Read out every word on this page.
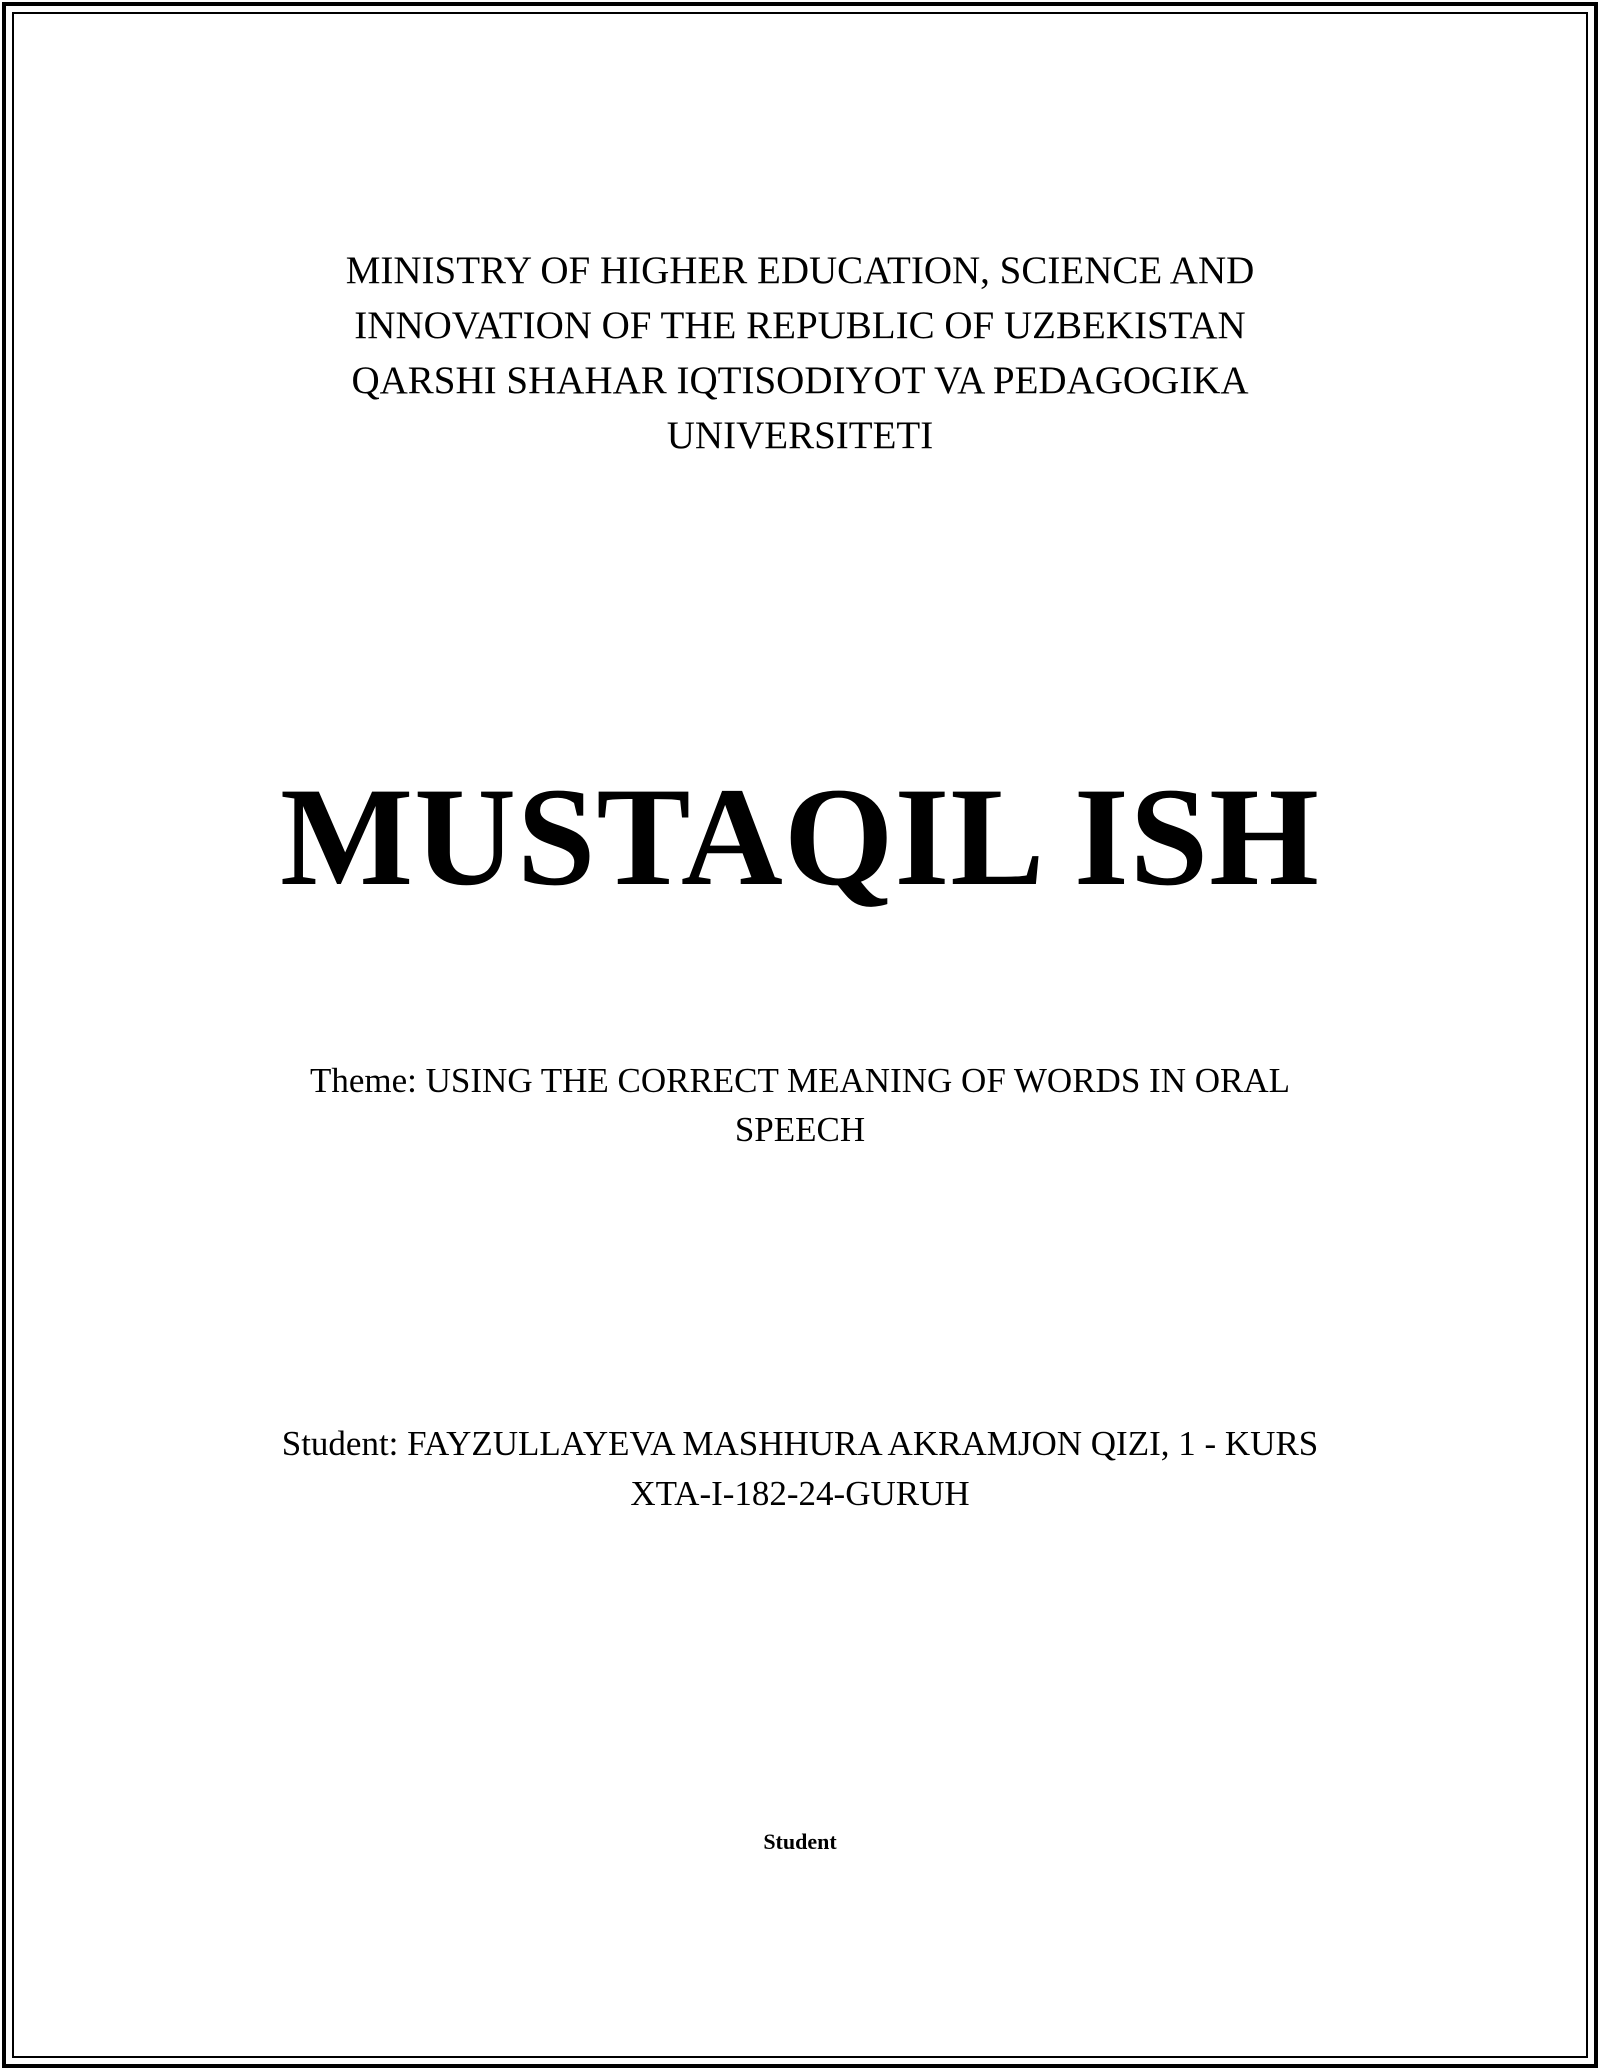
MINISTRY OF HIGHER EDUCATION, SCIENCE AND
INNOVATION OF THE REPUBLIC OF UZBEKISTAN
QARSHI SHAHAR IQTISODIYOT VA PEDAGOGIKA
UNIVERSITETI
MUSTAQIL ISH
Theme: USING THE CORRECT MEANING OF WORDS IN ORAL
SPEECH
Student: FAYZULLAYEVA MASHHURA AKRAMJON QIZI, 1 - KURS
XTA-I-182-24-GURUH
Student
